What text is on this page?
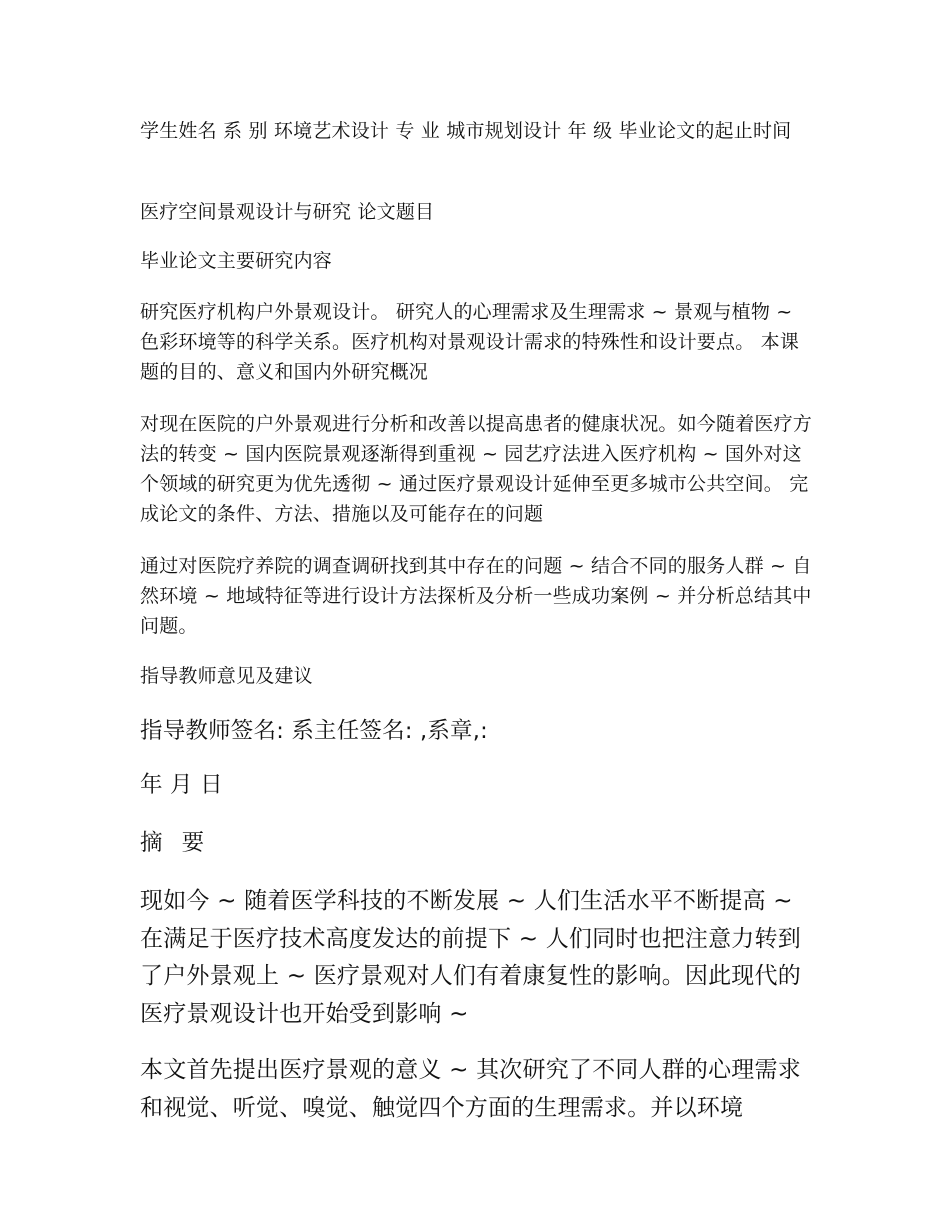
学生姓名 系 别 环境艺术设计 专 业 城市规划设计 年 级 毕业论文的起止时间

医疗空间景观设计与研究 论文题目

毕业论文主要研究内容

研究医疗机构户外景观设计。 研究人的心理需求及生理需求 ~ 景观与植物 ~ 色彩环境等的科学关系。医疗机构对景观设计需求的特殊性和设计要点。 本课题的目的、意义和国内外研究概况

对现在医院的户外景观进行分析和改善以提高患者的健康状况。如今随着医疗方法的转变 ~ 国内医院景观逐渐得到重视 ~ 园艺疗法进入医疗机构 ~ 国外对这个领域的研究更为优先透彻 ~ 通过医疗景观设计延伸至更多城市公共空间。 完成论文的条件、方法、措施以及可能存在的问题

通过对医院疗养院的调查调研找到其中存在的问题 ~ 结合不同的服务人群 ~ 自然环境 ~ 地域特征等进行设计方法探析及分析一些成功案例 ~ 并分析总结其中问题。

指导教师意见及建议

指导教师签名: 系主任签名: ,系章,:

年 月 日

摘 要

现如今 ~ 随着医学科技的不断发展 ~ 人们生活水平不断提高 ~ 在满足于医疗技术高度发达的前提下 ~ 人们同时也把注意力转到了户外景观上 ~ 医疗景观对人们有着康复性的影响。因此现代的医疗景观设计也开始受到影响 ~

本文首先提出医疗景观的意义 ~ 其次研究了不同人群的心理需求和视觉、听觉、嗅觉、触觉四个方面的生理需求。并以环境
